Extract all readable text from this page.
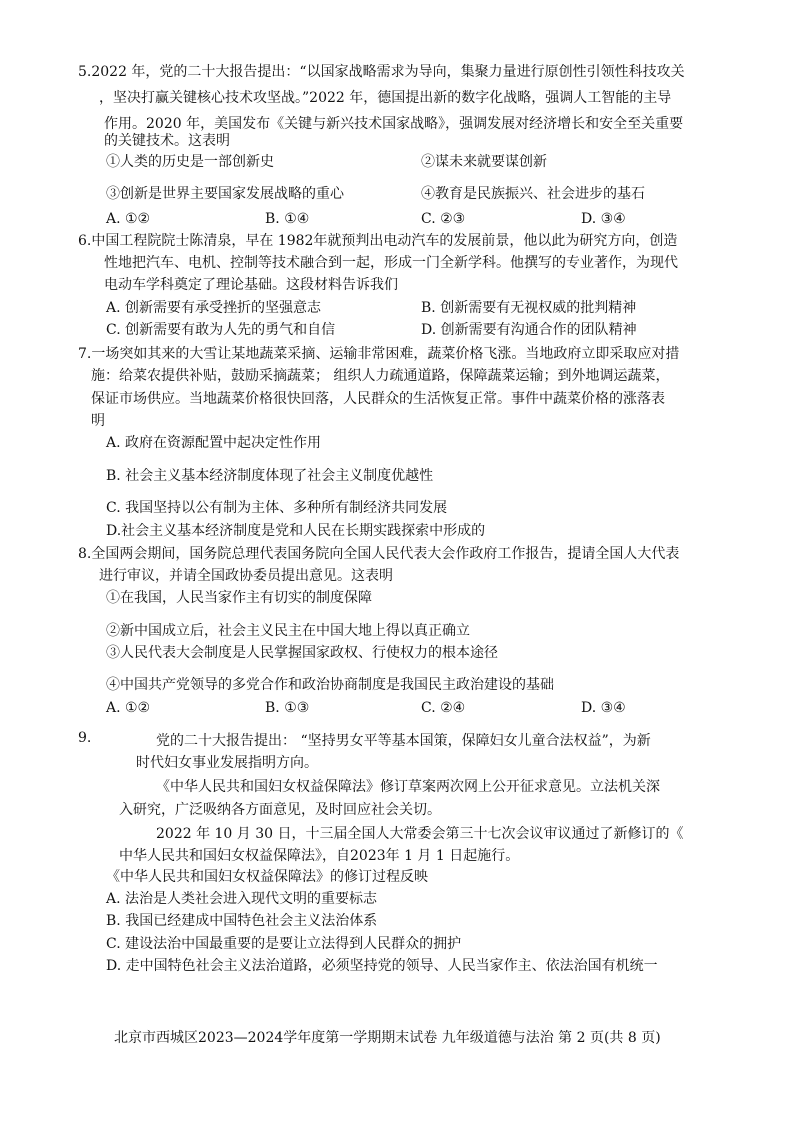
5.2022 年，党的二十大报告提出：“以国家战略需求为导向，集聚力量进行原创性引领性科技攻关
，坚决打赢关键核心技术攻坚战。”2022 年，德国提出新的数字化战略，强调人工智能的主导
作用。2020 年，美国发布《关键与新兴技术国家战略》，强调发展对经济增长和安全至关重要
的关键技术。这表明
①人类的历史是一部创新史	②谋未来就要谋创新
③创新是世界主要国家发展战略的重心	④教育是民族振兴、社会进步的基石
A. ①②	B. ①④	C. ②③	D. ③④
6.中国工程院院士陈清泉，早在 1982年就预判出电动汽车的发展前景，他以此为研究方向，创造
性地把汽车、电机、控制等技术融合到一起，形成一门全新学科。他撰写的专业著作，为现代
电动车学科奠定了理论基础。这段材料告诉我们
A. 创新需要有承受挫折的坚强意志	B. 创新需要有无视权威的批判精神
C. 创新需要有敢为人先的勇气和自信	D. 创新需要有沟通合作的团队精神
7.一场突如其来的大雪让某地蔬菜采摘、运输非常困难，蔬菜价格飞涨。当地政府立即采取应对措
施：给菜农提供补贴，鼓励采摘蔬菜； 组织人力疏通道路，保障蔬菜运输；到外地调运蔬菜，
保证市场供应。当地蔬菜价格很快回落，人民群众的生活恢复正常。事件中蔬菜价格的涨落表
明
A. 政府在资源配置中起决定性作用
B. 社会主义基本经济制度体现了社会主义制度优越性
C. 我国坚持以公有制为主体、多种所有制经济共同发展
D.社会主义基本经济制度是党和人民在长期实践探索中形成的
8.全国两会期间，国务院总理代表国务院向全国人民代表大会作政府工作报告，提请全国人大代表
进行审议，并请全国政协委员提出意见。这表明
①在我国，人民当家作主有切实的制度保障
②新中国成立后，社会主义民主在中国大地上得以真正确立
③人民代表大会制度是人民掌握国家政权、行使权力的根本途径
④中国共产党领导的多党合作和政治协商制度是我国民主政治建设的基础
A. ①②	B. ①③	C. ②④	D. ③④
9.	党的二十大报告提出： “坚持男女平等基本国策，保障妇女儿童合法权益”，为新
时代妇女事业发展指明方向。
《中华人民共和国妇女权益保障法》修订草案两次网上公开征求意见。立法机关深
入研究，广泛吸纳各方面意见，及时回应社会关切。
2022 年 10 月 30 日，十三届全国人大常委会第三十七次会议审议通过了新修订的《
中华人民共和国妇女权益保障法》，自2023年 1 月 1 日起施行。
《中华人民共和国妇女权益保障法》的修订过程反映
A. 法治是人类社会进入现代文明的重要标志
B. 我国已经建成中国特色社会主义法治体系
C. 建设法治中国最重要的是要让立法得到人民群众的拥护
D. 走中国特色社会主义法治道路，必须坚持党的领导、人民当家作主、依法治国有机统一
北京市西城区2023—2024学年度第一学期期末试卷 九年级道德与法治 第 2 页(共 8 页)
